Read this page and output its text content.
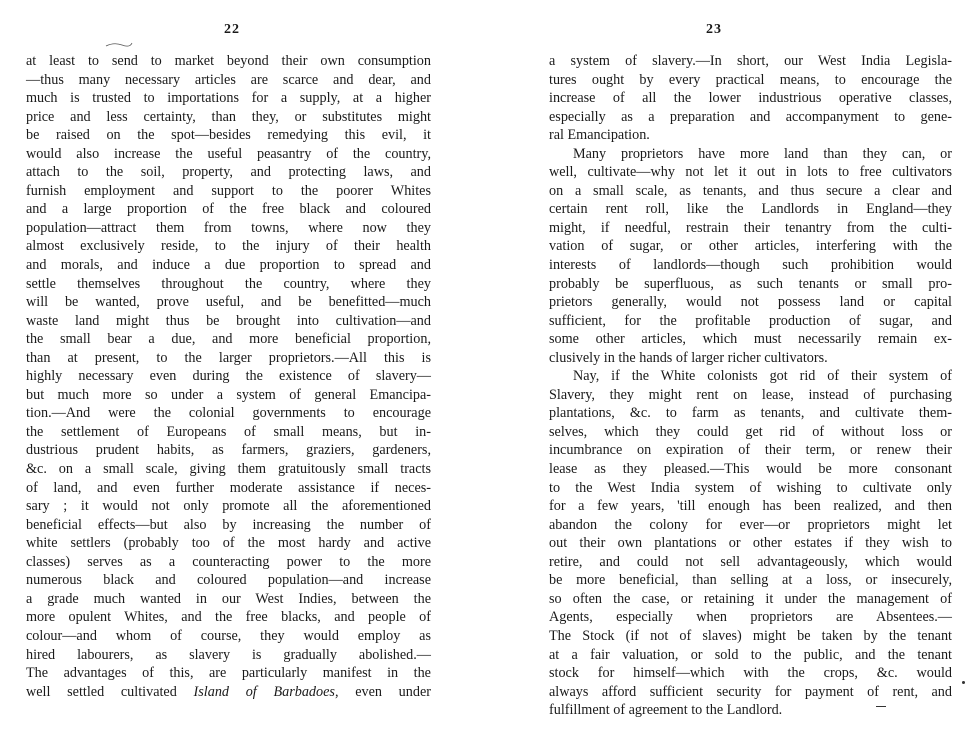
22
at least to send to market beyond their own consumption
—thus many necessary articles are scarce and dear, and
much is trusted to importations for a supply, at a higher
price and less certainty, than they, or substitutes might
be raised on the spot—besides remedying this evil, it
would also increase the useful peasantry of the country,
attach to the soil, property, and protecting laws, and
furnish employment and support to the poorer Whites
and a large proportion of the free black and coloured
population—attract them from towns, where now they
almost exclusively reside, to the injury of their health
and morals, and induce a due proportion to spread and
settle themselves throughout the country, where they
will be wanted, prove useful, and be benefitted—much
waste land might thus be brought into cultivation—and
the small bear a due, and more beneficial proportion,
than at present, to the larger proprietors.—All this is
highly necessary even during the existence of slavery—
but much more so under a system of general Emancipa-
tion.—And were the colonial governments to encourage
the settlement of Europeans of small means, but in-
dustrious prudent habits, as farmers, graziers, gardeners,
&c. on a small scale, giving them gratuitously small tracts
of land, and even further moderate assistance if neces-
sary ; it would not only promote all the aforementioned
beneficial effects—but also by increasing the number of
white settlers (probably too of the most hardy and active
classes) serves as a counteracting power to the more
numerous black and coloured population—and increase
a grade much wanted in our West Indies, between the
more opulent Whites, and the free blacks, and people of
colour—and whom of course, they would employ as
hired labourers, as slavery is gradually abolished.—
The advantages of this, are particularly manifest in the
well settled cultivated Island of Barbadoes, even under
23
a system of slavery.—In short, our West India Legisla-
tures ought by every practical means, to encourage the
increase of all the lower industrious operative classes,
especially as a preparation and accompanyment to gene-
ral Emancipation.
Many proprietors have more land than they can, or
well, cultivate—why not let it out in lots to free cultivators
on a small scale, as tenants, and thus secure a clear and
certain rent roll, like the Landlords in England—they
might, if needful, restrain their tenantry from the culti-
vation of sugar, or other articles, interfering with the
interests of landlords—though such prohibition would
probably be superfluous, as such tenants or small pro-
prietors generally, would not possess land or capital
sufficient, for the profitable production of sugar, and
some other articles, which must necessarily remain ex-
clusively in the hands of larger richer cultivators.
Nay, if the White colonists got rid of their system of
Slavery, they might rent on lease, instead of purchasing
plantations, &c. to farm as tenants, and cultivate them-
selves, which they could get rid of without loss or
incumbrance on expiration of their term, or renew their
lease as they pleased.—This would be more consonant
to the West India system of wishing to cultivate only
for a few years, 'till enough has been realized, and then
abandon the colony for ever—or proprietors might let
out their own plantations or other estates if they wish to
retire, and could not sell advantageously, which would
be more beneficial, than selling at a loss, or insecurely,
so often the case, or retaining it under the management of
Agents, especially when proprietors are Absentees.—
The Stock (if not of slaves) might be taken by the tenant
at a fair valuation, or sold to the public, and the tenant
stock for himself—which with the crops, &c. would
always afford sufficient security for payment of rent, and
fulfillment of agreement to the Landlord.
